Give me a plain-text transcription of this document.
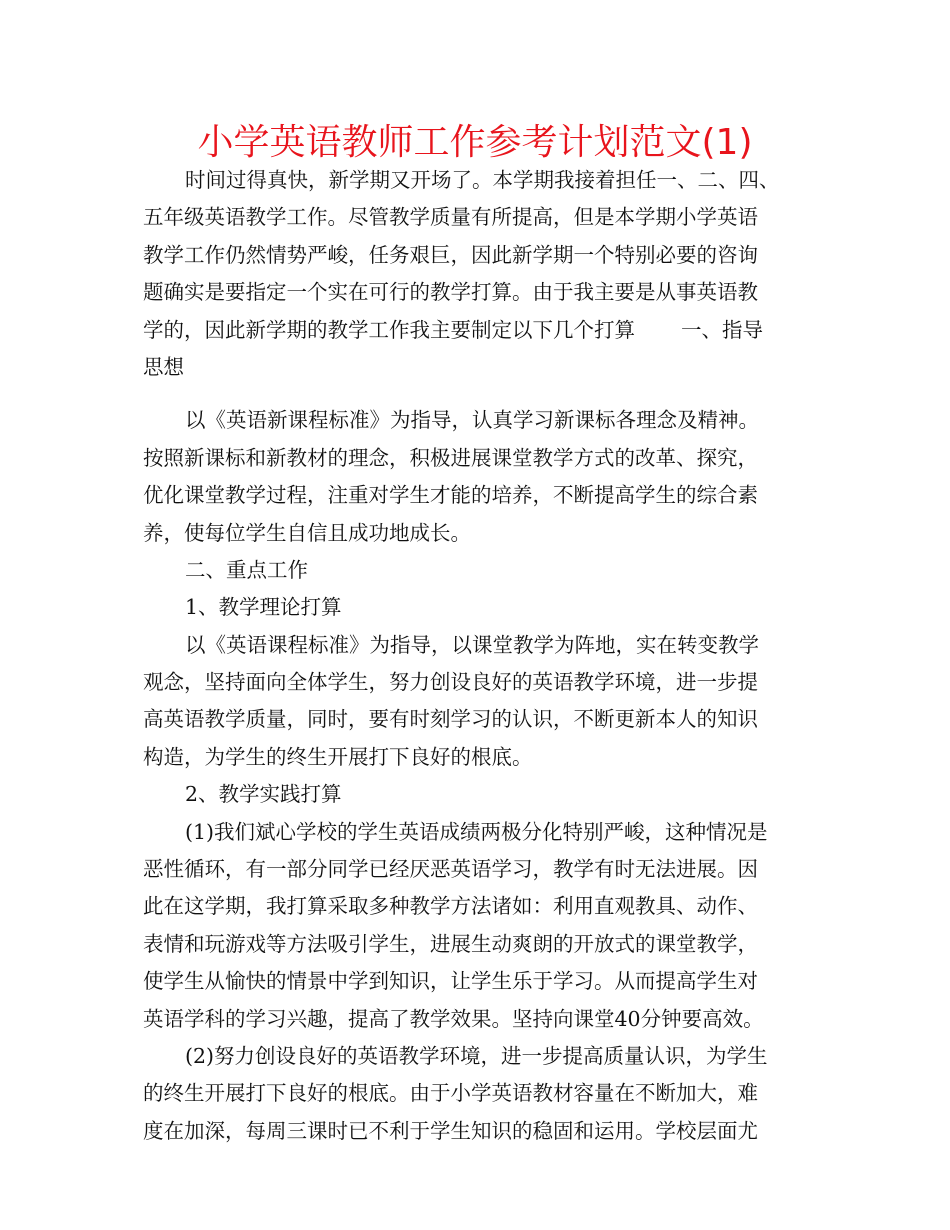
小学英语教师工作参考计划范文(1)
时间过得真快，新学期又开场了。本学期我接着担任一、二、四、
五年级英语教学工作。尽管教学质量有所提高，但是本学期小学英语
教学工作仍然情势严峻，任务艰巨，因此新学期一个特别必要的咨询
题确实是要指定一个实在可行的教学打算。由于我主要是从事英语教
学的，因此新学期的教学工作我主要制定以下几个打算 一、指导
思想
以《英语新课程标准》为指导，认真学习新课标各理念及精神。
按照新课标和新教材的理念，积极进展课堂教学方式的改革、探究，
优化课堂教学过程，注重对学生才能的培养，不断提高学生的综合素
养，使每位学生自信且成功地成长。
二、重点工作
1、教学理论打算
以《英语课程标准》为指导，以课堂教学为阵地，实在转变教学
观念，坚持面向全体学生，努力创设良好的英语教学环境，进一步提
高英语教学质量，同时，要有时刻学习的认识，不断更新本人的知识
构造，为学生的终生开展打下良好的根底。
2、教学实践打算
(1)我们斌心学校的学生英语成绩两极分化特别严峻，这种情况是
恶性循环，有一部分同学已经厌恶英语学习，教学有时无法进展。因
此在这学期，我打算采取多种教学方法诸如：利用直观教具、动作、
表情和玩游戏等方法吸引学生，进展生动爽朗的开放式的课堂教学，
使学生从愉快的情景中学到知识，让学生乐于学习。从而提高学生对
英语学科的学习兴趣，提高了教学效果。坚持向课堂40分钟要高效。
(2)努力创设良好的英语教学环境，进一步提高质量认识，为学生
的终生开展打下良好的根底。由于小学英语教材容量在不断加大，难
度在加深，每周三课时已不利于学生知识的稳固和运用。学校层面尤
